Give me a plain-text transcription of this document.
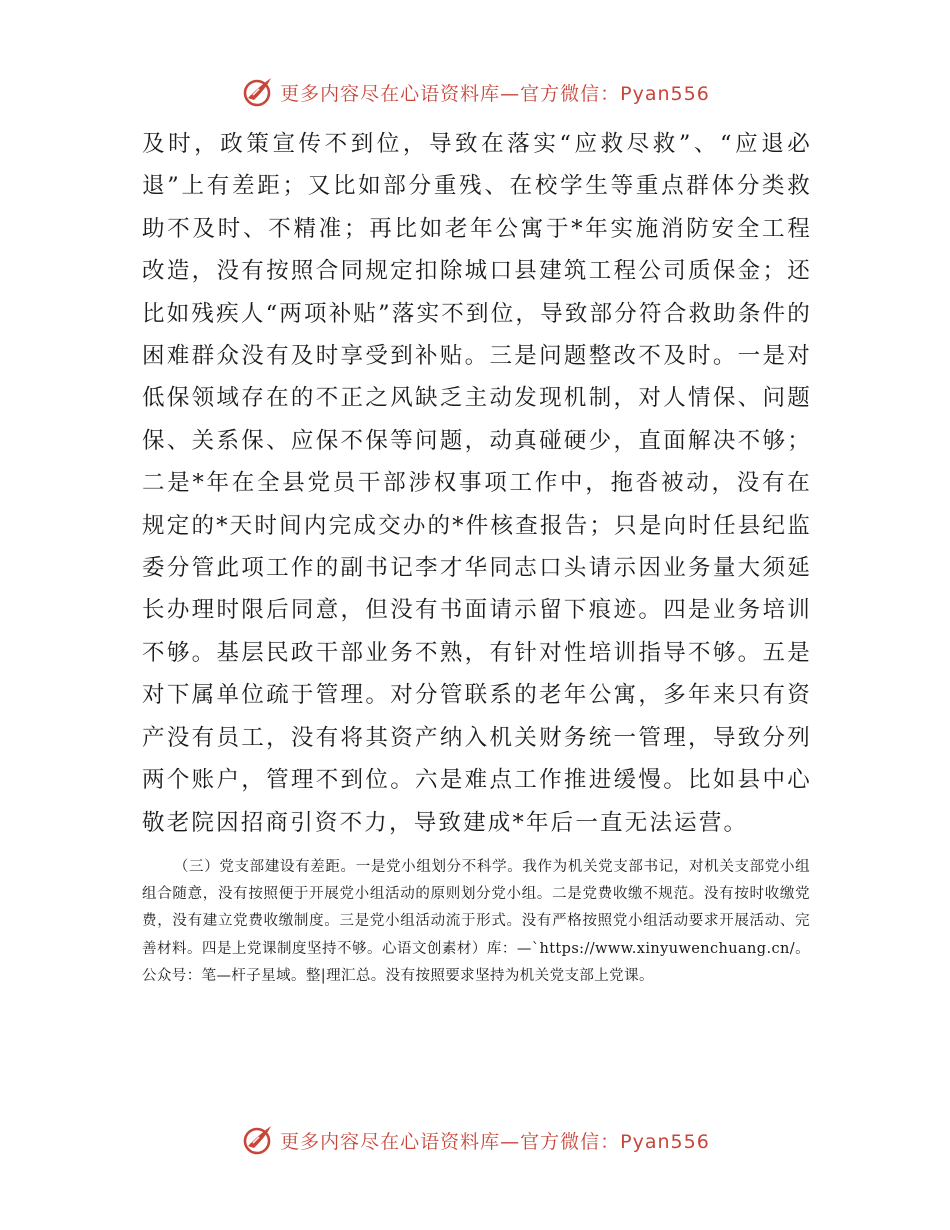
更多内容尽在心语资料库—官方微信：Pyan556

及时，政策宣传不到位，导致在落实“应救尽救”、“应退必退”上有差距；又比如部分重残、在校学生等重点群体分类救助不及时、不精准；再比如老年公寓于*年实施消防安全工程改造，没有按照合同规定扣除城口县建筑工程公司质保金；还比如残疾人“两项补贴”落实不到位，导致部分符合救助条件的困难群众没有及时享受到补贴。三是问题整改不及时。一是对低保领域存在的不正之风缺乏主动发现机制，对人情保、问题保、关系保、应保不保等问题，动真碰硬少，直面解决不够；二是*年在全县党员干部涉权事项工作中，拖沓被动，没有在规定的*天时间内完成交办的*件核查报告；只是向时任县纪监委分管此项工作的副书记李才华同志口头请示因业务量大须延长办理时限后同意，但没有书面请示留下痕迹。四是业务培训不够。基层民政干部业务不熟，有针对性培训指导不够。五是对下属单位疏于管理。对分管联系的老年公寓，多年来只有资产没有员工，没有将其资产纳入机关财务统一管理，导致分列两个账户，管理不到位。六是难点工作推进缓慢。比如县中心敬老院因招商引资不力，导致建成*年后一直无法运营。

（三）党支部建设有差距。一是党小组划分不科学。我作为机关党支部书记，对机关支部党小组组合随意，没有按照便于开展党小组活动的原则划分党小组。二是党费收缴不规范。没有按时收缴党费，没有建立党费收缴制度。三是党小组活动流于形式。没有严格按照党小组活动要求开展活动、完善材料。四是上党课制度坚持不够。心语文创素材）库：—`https://www.xinyuwenchuang.cn/。公众号：笔—杆子星域。整|理汇总。没有按照要求坚持为机关党支部上党课。

更多内容尽在心语资料库—官方微信：Pyan556
